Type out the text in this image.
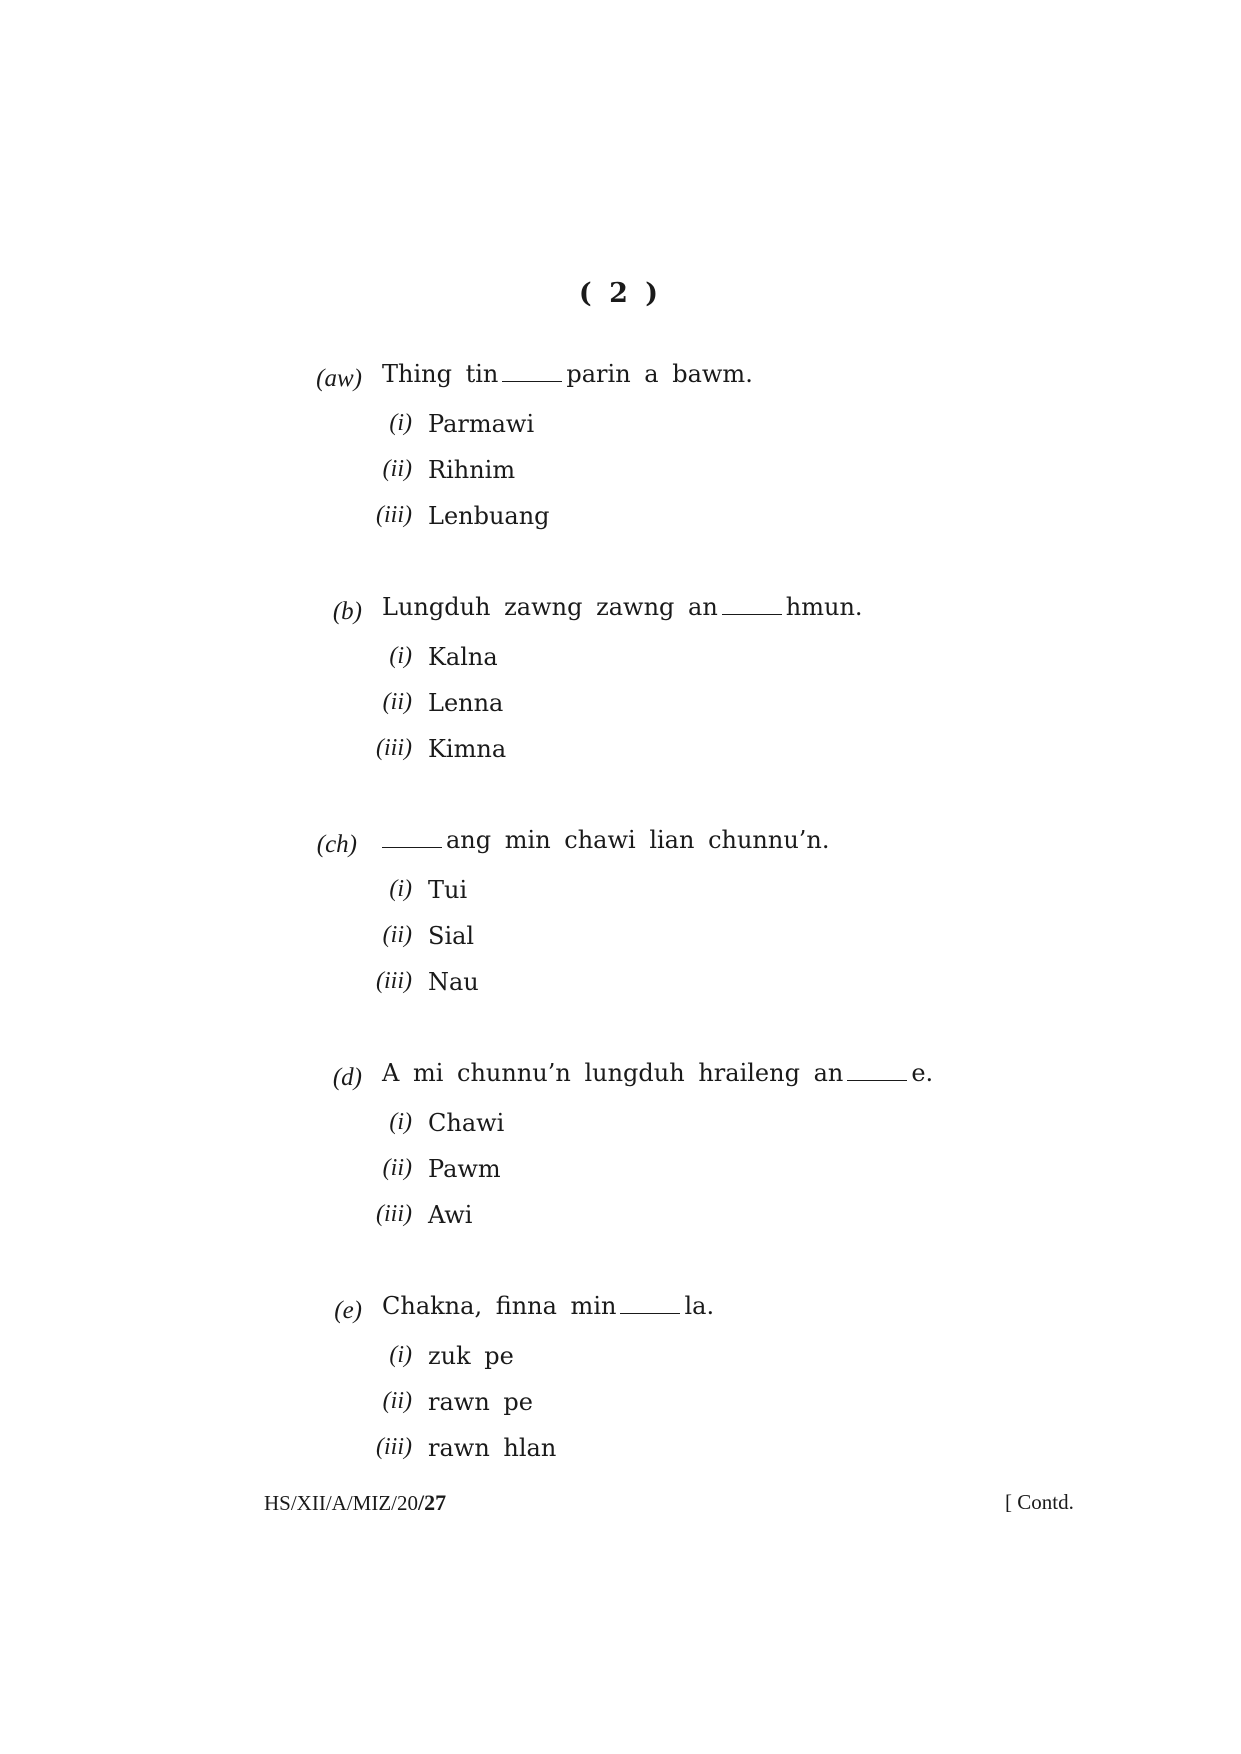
( 2 )
(aw) Thing tin	parin a bawm.
(i) Parmawi
(ii) Rihnim
(iii) Lenbuang
(b) Lungduh zawng zawng an	hmun.
(i) Kalna
(ii) Lenna
(iii) Kimna
(ch)	ang min chawi lian chunnu’n.
(i) Tui
(ii) Sial
(iii) Nau
(d) A mi chunnu’n lungduh hraileng an	e.
(i) Chawi
(ii) Pawm
(iii) Awi
(e) Chakna, finna min	la.
(i) zuk pe
(ii) rawn pe
(iii) rawn hlan
HS/XII/A/MIZ/20/27	[ Contd.
